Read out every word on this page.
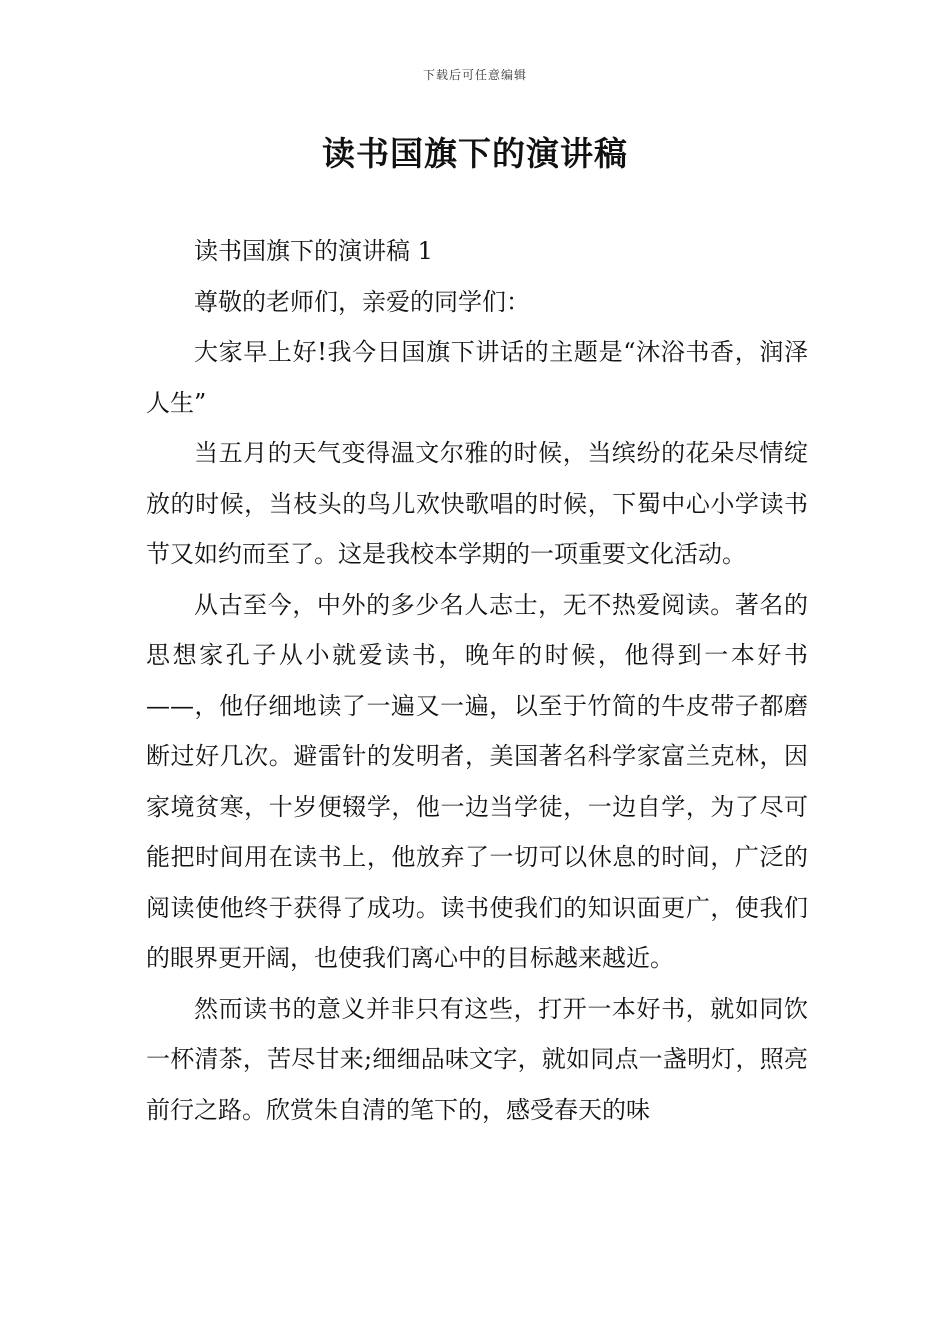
下载后可任意编辑
读书国旗下的演讲稿

读书国旗下的演讲稿 1

尊敬的老师们，亲爱的同学们：

大家早上好!我今日国旗下讲话的主题是“沐浴书香，润泽人生”

当五月的天气变得温文尔雅的时候，当缤纷的花朵尽情绽放的时候，当枝头的鸟儿欢快歌唱的时候，下蜀中心小学读书节又如约而至了。这是我校本学期的一项重要文化活动。

从古至今，中外的多少名人志士，无不热爱阅读。著名的思想家孔子从小就爱读书，晚年的时候，他得到一本好书——，他仔细地读了一遍又一遍，以至于竹简的牛皮带子都磨断过好几次。避雷针的发明者，美国著名科学家富兰克林，因家境贫寒，十岁便辍学，他一边当学徒，一边自学，为了尽可能把时间用在读书上，他放弃了一切可以休息的时间，广泛的阅读使他终于获得了成功。读书使我们的知识面更广，使我们的眼界更开阔，也使我们离心中的目标越来越近。

然而读书的意义并非只有这些，打开一本好书，就如同饮一杯清茶，苦尽甘来;细细品味文字，就如同点一盏明灯，照亮前行之路。欣赏朱自清的笔下的，感受春天的味
